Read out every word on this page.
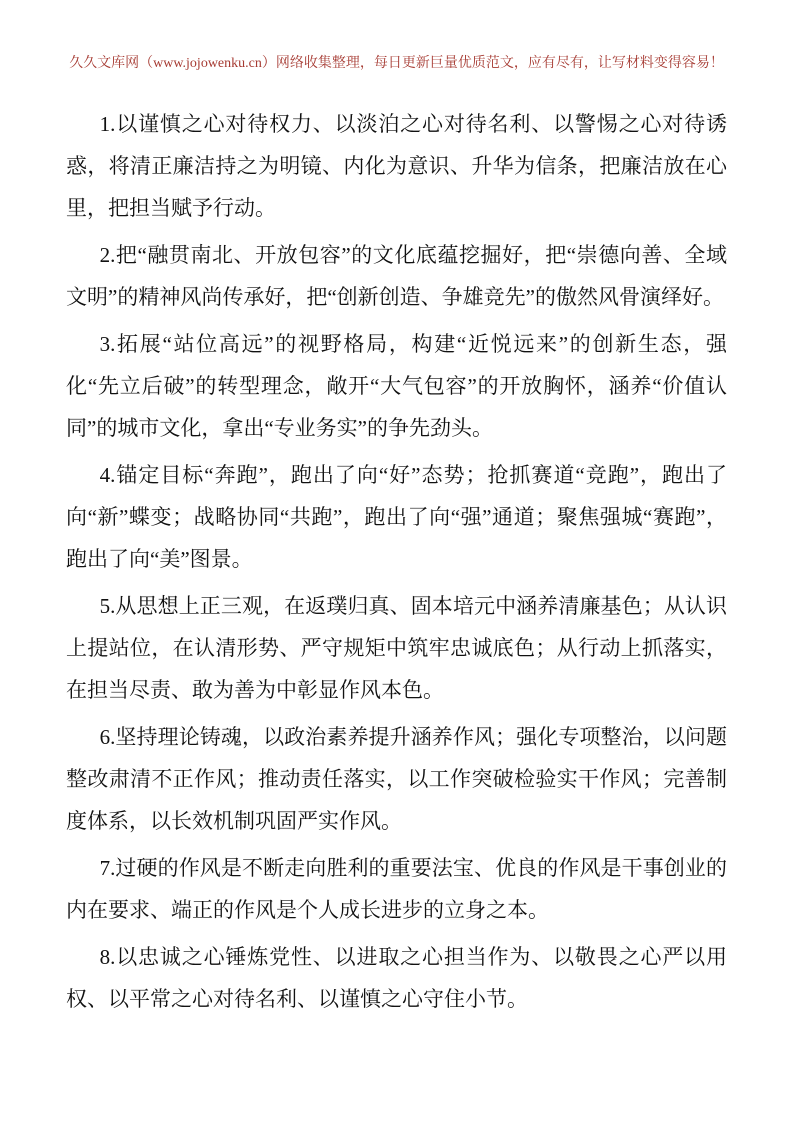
久久文库网（www.jojowenku.cn）网络收集整理，每日更新巨量优质范文，应有尽有，让写材料变得容易！

1.以谨慎之心对待权力、以淡泊之心对待名利、以警惕之心对待诱惑，将清正廉洁持之为明镜、内化为意识、升华为信条，把廉洁放在心里，把担当赋予行动。

2.把“融贯南北、开放包容”的文化底蕴挖掘好，把“崇德向善、全域文明”的精神风尚传承好，把“创新创造、争雄竞先”的傲然风骨演绎好。

3.拓展“站位高远”的视野格局，构建“近悦远来”的创新生态，强化“先立后破”的转型理念，敞开“大气包容”的开放胸怀，涵养“价值认同”的城市文化，拿出“专业务实”的争先劲头。

4.锚定目标“奔跑”，跑出了向“好”态势；抢抓赛道“竞跑”，跑出了向“新”蝶变；战略协同“共跑”，跑出了向“强”通道；聚焦强城“赛跑”，跑出了向“美”图景。

5.从思想上正三观，在返璞归真、固本培元中涵养清廉基色；从认识上提站位，在认清形势、严守规矩中筑牢忠诚底色；从行动上抓落实，在担当尽责、敢为善为中彰显作风本色。

6.坚持理论铸魂，以政治素养提升涵养作风；强化专项整治，以问题整改肃清不正作风；推动责任落实，以工作突破检验实干作风；完善制度体系，以长效机制巩固严实作风。

7.过硬的作风是不断走向胜利的重要法宝、优良的作风是干事创业的内在要求、端正的作风是个人成长进步的立身之本。

8.以忠诚之心锤炼党性、以进取之心担当作为、以敬畏之心严以用权、以平常之心对待名利、以谨慎之心守住小节。
